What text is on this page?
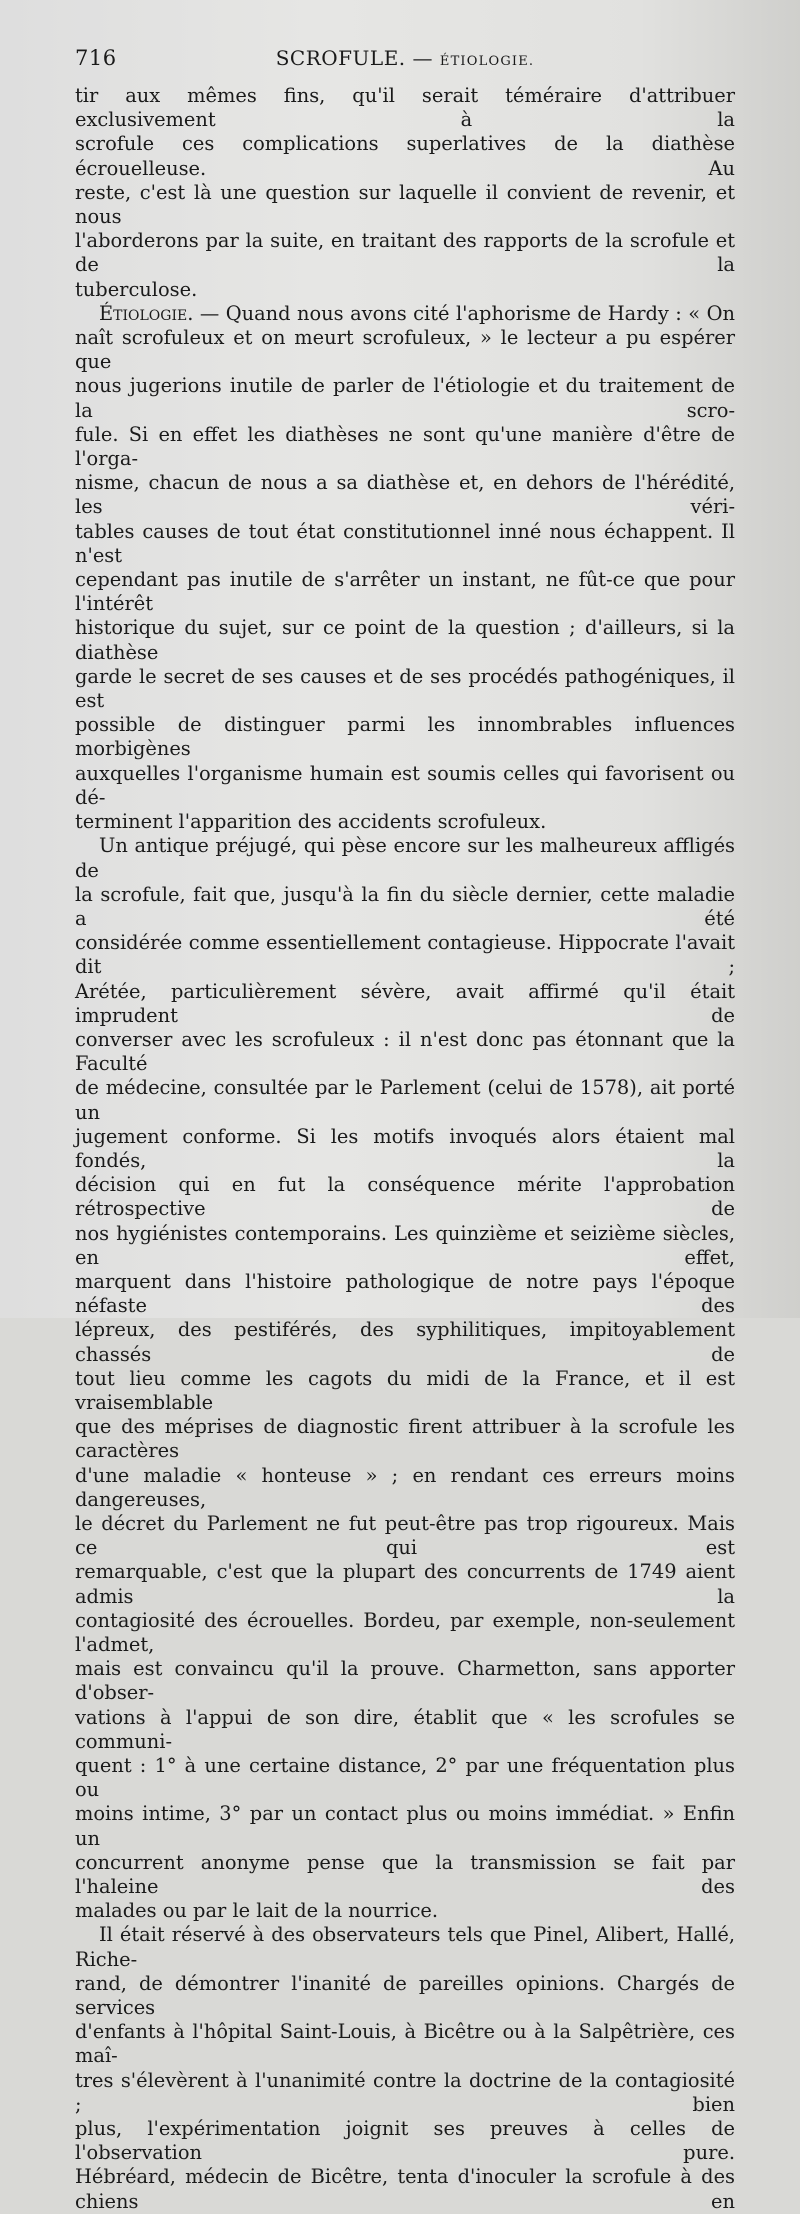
716	SCROFULE. — ÉTIOLOGIE.

tir aux mêmes fins, qu'il serait téméraire d'attribuer exclusivement à la

scrofule ces complications superlatives de la diathèse écrouelleuse. Au

reste, c'est là une question sur laquelle il convient de revenir, et nous

l'aborderons par la suite, en traitant des rapports de la scrofule et de la

tuberculose.

Étiologie. — Quand nous avons cité l'aphorisme de Hardy : « On

naît scrofuleux et on meurt scrofuleux, » le lecteur a pu espérer que

nous jugerions inutile de parler de l'étiologie et du traitement de la scro-

fule. Si en effet les diathèses ne sont qu'une manière d'être de l'orga-

nisme, chacun de nous a sa diathèse et, en dehors de l'hérédité, les véri-

tables causes de tout état constitutionnel inné nous échappent. Il n'est

cependant pas inutile de s'arrêter un instant, ne fût-ce que pour l'intérêt

historique du sujet, sur ce point de la question ; d'ailleurs, si la diathèse

garde le secret de ses causes et de ses procédés pathogéniques, il est

possible de distinguer parmi les innombrables influences morbigènes

auxquelles l'organisme humain est soumis celles qui favorisent ou dé-

terminent l'apparition des accidents scrofuleux.

Un antique préjugé, qui pèse encore sur les malheureux affligés de

la scrofule, fait que, jusqu'à la fin du siècle dernier, cette maladie a été

considérée comme essentiellement contagieuse. Hippocrate l'avait dit ;

Arétée, particulièrement sévère, avait affirmé qu'il était imprudent de

converser avec les scrofuleux : il n'est donc pas étonnant que la Faculté

de médecine, consultée par le Parlement (celui de 1578), ait porté un

jugement conforme. Si les motifs invoqués alors étaient mal fondés, la

décision qui en fut la conséquence mérite l'approbation rétrospective de

nos hygiénistes contemporains. Les quinzième et seizième siècles, en effet,

marquent dans l'histoire pathologique de notre pays l'époque néfaste des

lépreux, des pestiférés, des syphilitiques, impitoyablement chassés de

tout lieu comme les cagots du midi de la France, et il est vraisemblable

que des méprises de diagnostic firent attribuer à la scrofule les caractères

d'une maladie « honteuse » ; en rendant ces erreurs moins dangereuses,

le décret du Parlement ne fut peut-être pas trop rigoureux. Mais ce qui est

remarquable, c'est que la plupart des concurrents de 1749 aient admis la

contagiosité des écrouelles. Bordeu, par exemple, non-seulement l'admet,

mais est convaincu qu'il la prouve. Charmetton, sans apporter d'obser-

vations à l'appui de son dire, établit que « les scrofules se communi-

quent : 1° à une certaine distance, 2° par une fréquentation plus ou

moins intime, 3° par un contact plus ou moins immédiat. » Enfin un

concurrent anonyme pense que la transmission se fait par l'haleine des

malades ou par le lait de la nourrice.

Il était réservé à des observateurs tels que Pinel, Alibert, Hallé, Riche-

rand, de démontrer l'inanité de pareilles opinions. Chargés de services

d'enfants à l'hôpital Saint-Louis, à Bicêtre ou à la Salpêtrière, ces maî-

tres s'élevèrent à l'unanimité contre la doctrine de la contagiosité ; bien

plus, l'expérimentation joignit ses preuves à celles de l'observation pure.

Hébréard, médecin de Bicêtre, tenta d'inoculer la scrofule à des chiens en
